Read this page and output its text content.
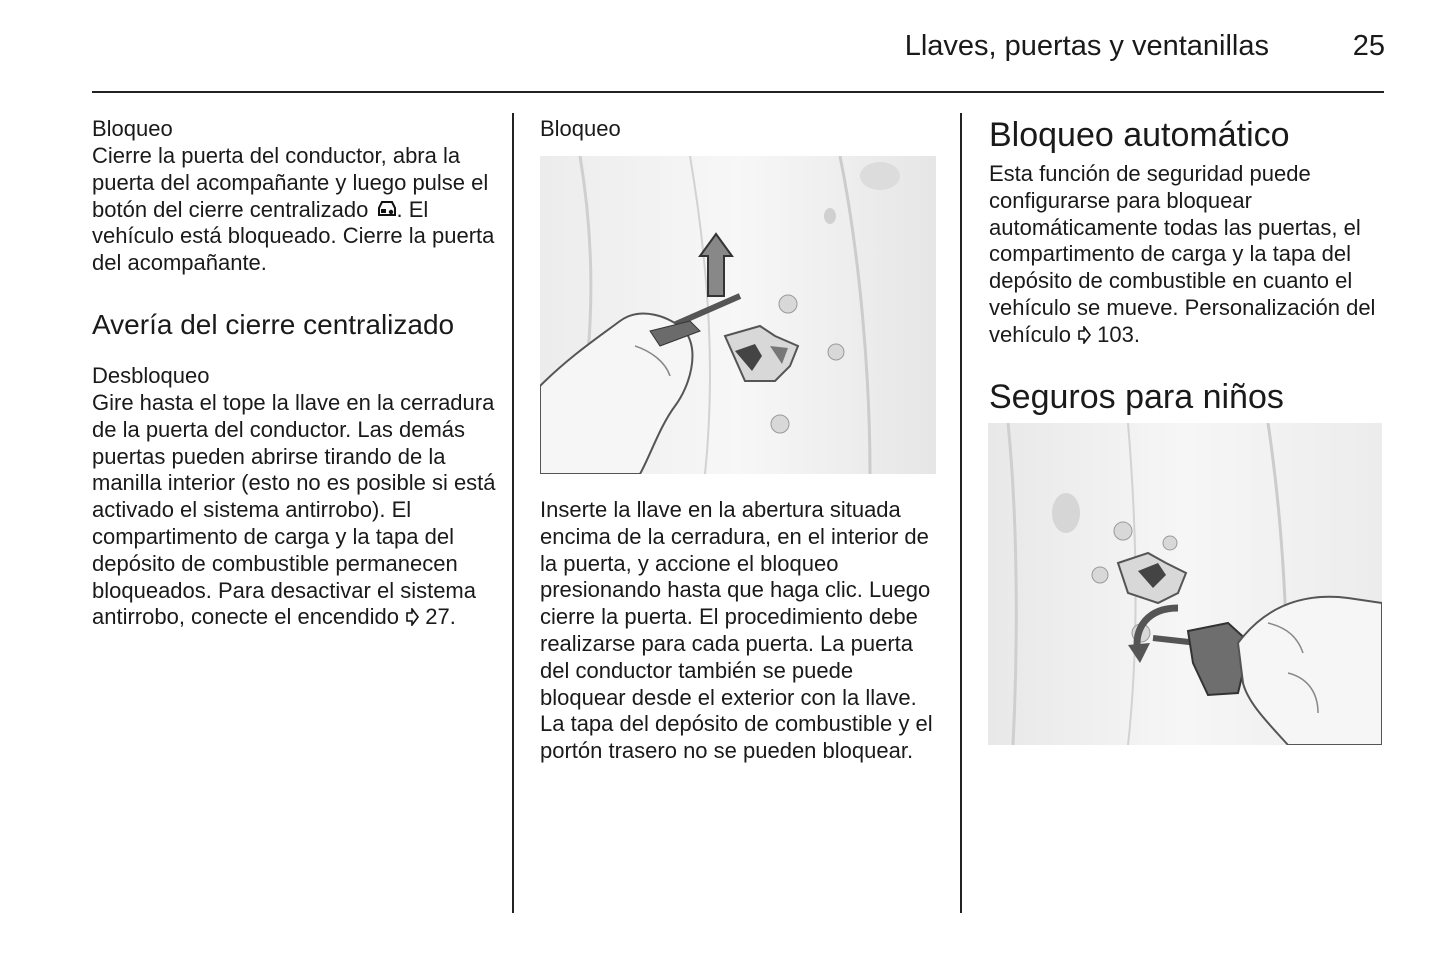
Llaves, puertas y ventanillas	25

Bloqueo

Cierre la puerta del conductor, abra la puerta del acompañante y luego pulse el botón del cierre centralizado . El vehículo está bloqueado. Cierre la puerta del acompañante.

Avería del cierre centralizado

Desbloqueo

Gire hasta el tope la llave en la cerradura de la puerta del conductor. Las demás puertas pueden abrirse tirando de la manilla interior (esto no es posible si está activado el sistema antirrobo). El compartimento de carga y la tapa del depósito de combustible permanecen bloqueados. Para desactivar el sistema antirrobo, conecte el encendido  27.

Bloqueo

Inserte la llave en la abertura situada encima de la cerradura, en el interior de la puerta, y accione el bloqueo presionando hasta que haga clic. Luego cierre la puerta. El procedimiento debe realizarse para cada puerta. La puerta del conductor también se puede bloquear desde el exterior con la llave. La tapa del depósito de combustible y el portón trasero no se pueden bloquear.

Bloqueo automático

Esta función de seguridad puede configurarse para bloquear automáticamente todas las puertas, el compartimento de carga y la tapa del depósito de combustible en cuanto el vehículo se mueve. Personalización del vehículo  103.

Seguros para niños
